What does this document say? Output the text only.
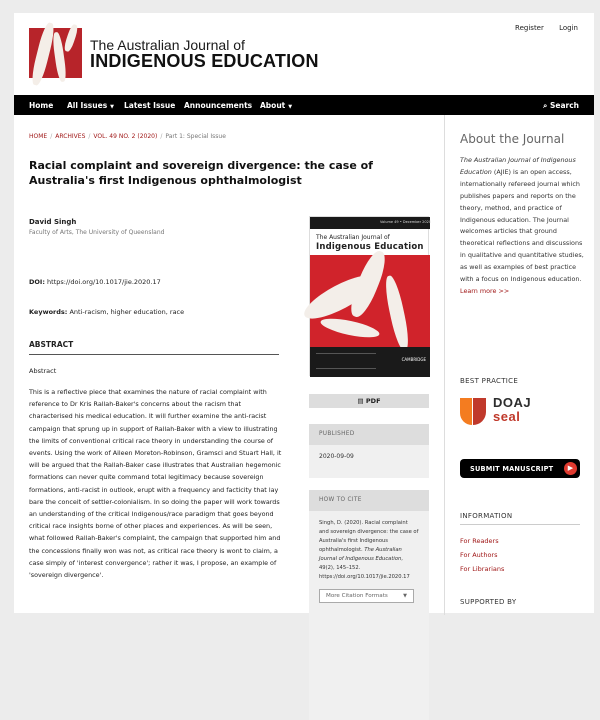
The Australian Journal of
INDIGENOUS EDUCATION
Register Login
Home All Issues ▼ Latest Issue Announcements About ▼	⌕ Search
HOME / ARCHIVES / VOL. 49 NO. 2 (2020) / Part 1: Special Issue
Racial complaint and sovereign divergence: the case of Australia's first Indigenous ophthalmologist
David Singh
Faculty of Arts, The University of Queensland
DOI: https://doi.org/10.1017/jie.2020.17
Keywords: Anti-racism, higher education, race
ABSTRACT
Abstract

This is a reflective piece that examines the nature of racial complaint with reference to Dr Kris Rallah-Baker's concerns about the racism that characterised his medical education. It will further examine the anti-racist campaign that sprung up in support of Rallah-Baker with a view to illustrating the limits of conventional critical race theory in understanding the course of events. Using the work of Aileen Moreton-Robinson, Gramsci and Stuart Hall, it will be argued that the Rallah-Baker case illustrates that Australian hegemonic formations can never quite command total legitimacy because sovereign formations, anti-racist in outlook, erupt with a frequency and facticity that lay bare the conceit of settler-colonialism. In so doing the paper will work towards an understanding of the critical Indigenous/race paradigm that goes beyond critical race insights borne of other places and experiences. As will be seen, what followed Rallah-Baker's complaint, the campaign that supported him and the concessions finally won was not, as critical race theory is wont to claim, a case simply of 'interest convergence'; rather it was, I propose, an example of 'sovereign divergence'.

Volume 49 • December 2020
The Australian Journal of
Indigenous Education
CAMBRIDGE
▤ PDF
PUBLISHED
2020-09-09
HOW TO CITE
Singh, D. (2020). Racial complaint and sovereign divergence: the case of Australia's first Indigenous ophthalmologist. The Australian Journal of Indigenous Education, 49(2), 145–152. https://doi.org/10.1017/jie.2020.17
More Citation Formats	▼
About the Journal

The Australian Journal of Indigenous Education (AJIE) is an open access, internationally refereed journal which publishes papers and reports on the theory, method, and practice of Indigenous education. The Journal welcomes articles that ground theoretical reflections and discussions in qualitative and quantitative studies, as well as examples of best practice with a focus on Indigenous education. Learn more >>

BEST PRACTICE
DOAJ
seal
SUBMIT MANUSCRIPT	▶
INFORMATION
For Readers
For Authors
For Librarians
SUPPORTED BY
